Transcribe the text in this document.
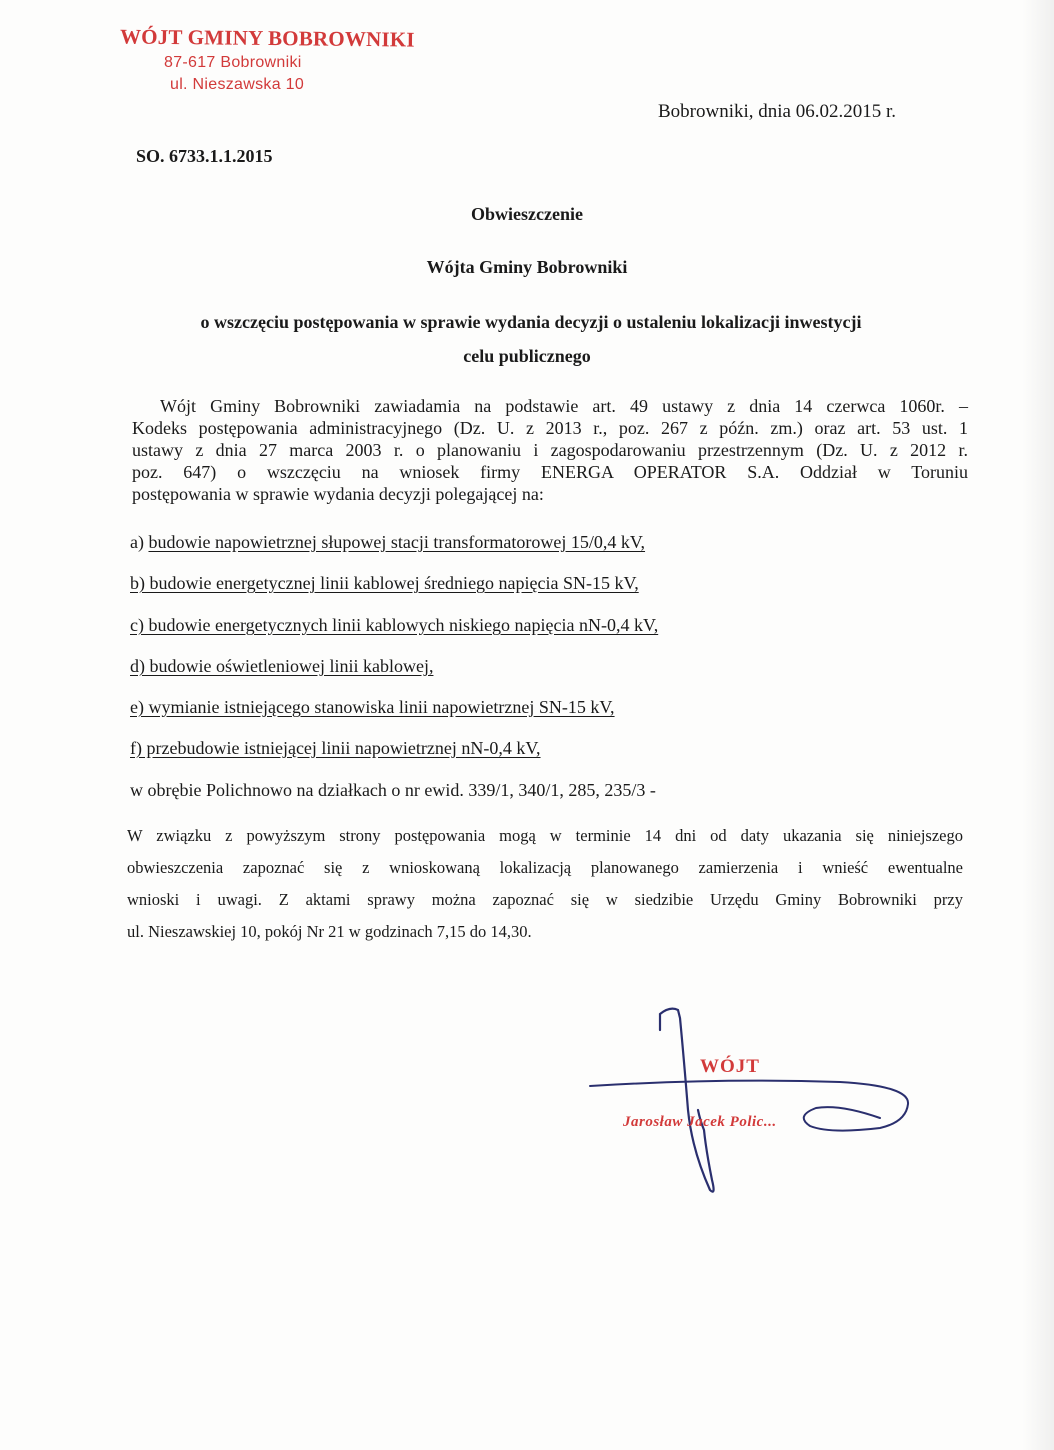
WÓJT GMINY BOBROWNIKI
87-617 Bobrowniki
ul. Nieszawska 10
Bobrowniki, dnia 06.02.2015 r.
SO. 6733.1.1.2015
Obwieszczenie
Wójta Gminy Bobrowniki
o wszczęciu postępowania w sprawie wydania decyzji o ustaleniu lokalizacji inwestycji
celu publicznego
Wójt Gminy Bobrowniki zawiadamia na podstawie art. 49 ustawy z dnia 14 czerwca 1060r. –
Kodeks postępowania administracyjnego (Dz. U. z 2013 r., poz. 267 z późn. zm.) oraz art. 53 ust. 1
ustawy z dnia 27 marca 2003 r. o planowaniu i zagospodarowaniu przestrzennym (Dz. U. z 2012 r.
poz. 647) o wszczęciu na wniosek firmy ENERGA OPERATOR S.A. Oddział w Toruniu
postępowania w sprawie wydania decyzji polegającej na:
a) budowie napowietrznej słupowej stacji transformatorowej 15/0,4 kV,
b) budowie energetycznej linii kablowej średniego napięcia SN-15 kV,
c) budowie energetycznych linii kablowych niskiego napięcia nN-0,4 kV,
d) budowie oświetleniowej linii kablowej,
e) wymianie istniejącego stanowiska linii napowietrznej SN-15 kV,
f) przebudowie istniejącej linii napowietrznej nN-0,4 kV,
w obrębie Polichnowo na działkach o nr ewid. 339/1, 340/1, 285, 235/3 -
W związku z powyższym strony postępowania mogą w terminie 14 dni od daty ukazania się niniejszego
obwieszczenia zapoznać się z wnioskowaną lokalizacją planowanego zamierzenia i wnieść ewentualne
wnioski i uwagi. Z aktami sprawy można zapoznać się w siedzibie Urzędu Gminy Bobrowniki przy
ul. Nieszawskiej 10, pokój Nr 21 w godzinach 7,15 do 14,30.
WÓJT
Jarosław Jacek Polic...
